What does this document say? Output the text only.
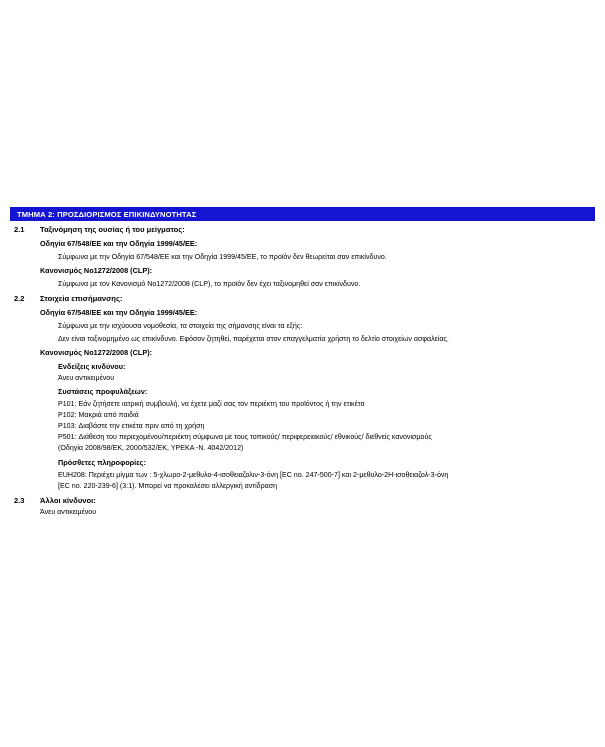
ΤΜΗΜΑ 2: ΠΡΟΣΔΙΟΡΙΣΜΟΣ ΕΠΙΚΙΝΔΥΝΟΤΗΤΑΣ
2.1	Ταξινόμηση της ουσίας ή του μείγματος:
Οδηγία 67/548/ΕΕ και την Οδηγία 1999/45/ΕΕ:
Σύμφωνα με την Οδηγία 67/548/ΕΕ και την Οδηγία 1999/45/ΕΕ, το προϊόν δεν θεωρείται σαν επικίνδυνο.
Κανονισμός Νο1272/2008 (CLP):
Σύμφωνα με τον Κανονισμό Νο1272/2008 (CLP), το προϊόν δεν έχει ταξινομηθεί σαν επικίνδυνο.
2.2	Στοιχεία επισήμανσης:
Οδηγία 67/548/ΕΕ και την Οδηγία 1999/45/ΕΕ:
Σύμφωνα με την ισχύουσα νομοθεσία, τα στοιχεία της σήμανσης είναι τα εξής:
Δεν είναι ταξινομημένο ως επικίνδυνο. Εφόσον ζητηθεί, παρέχεται στον επαγγελματία χρήστη το δελτίο στοιχείων ασφαλείας.
Κανονισμός Νο1272/2008 (CLP):
Ενδείξεις κινδύνου:
Άνευ αντικειμένου
Συστάσεις προφυλάξεων:
P101: Εάν ζητήσετε ιατρική συμβουλή, να έχετε μαζί σας τον περιέκτη του προϊόντος ή την ετικέτα
P102: Μακριά από παιδιά
P103: Διαβάστε την ετικέτα πριν από τη χρήση
P501: Διάθεση του περιεχομένου/περιέκτη σύμφωνα με τους τοπικούς/ περιφερειακούς/ εθνικούς/ διεθνείς κανονισμούς
(Οδηγία 2008/98/ΕΚ, 2000/532/ΕΚ, ΥΡΕΚΑ -Ν. 4042/2012)
Πρόσθετες πληροφορίες:
EUH208: Περιέχει μίγμα των : 5-χλωρο-2-μεθυλο-4-ισοθειαζολιν-3-όνη [EC no. 247-500-7] και 2-μεθυλο-2H-ισοθειαζολ-3-όνη
[EC no. 220-239-6] (3:1). Μπορεί να προκαλέσει αλλεργική αντίδραση
2.3	Άλλοι κίνδυνοι:
Άνευ αντικειμένου
